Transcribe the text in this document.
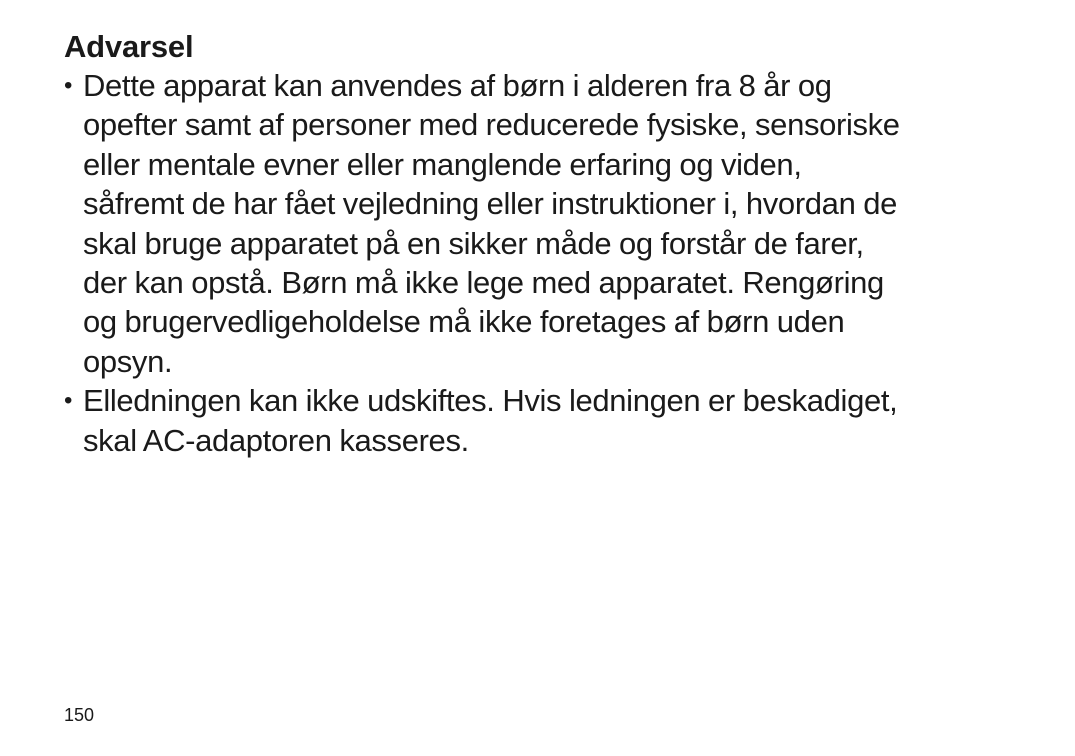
Advarsel
• Dette apparat kan anvendes af børn i alderen fra 8 år og
opefter samt af personer med reducerede fysiske, sensoriske
eller mentale evner eller manglende erfaring og viden,
såfremt de har fået vejledning eller instruktioner i, hvordan de
skal bruge apparatet på en sikker måde og forstår de farer,
der kan opstå. Børn må ikke lege med apparatet. Rengøring
og brugervedligeholdelse må ikke foretages af børn uden
opsyn.
• Elledningen kan ikke udskiftes. Hvis ledningen er beskadiget,
skal AC-adaptoren kasseres.
150
